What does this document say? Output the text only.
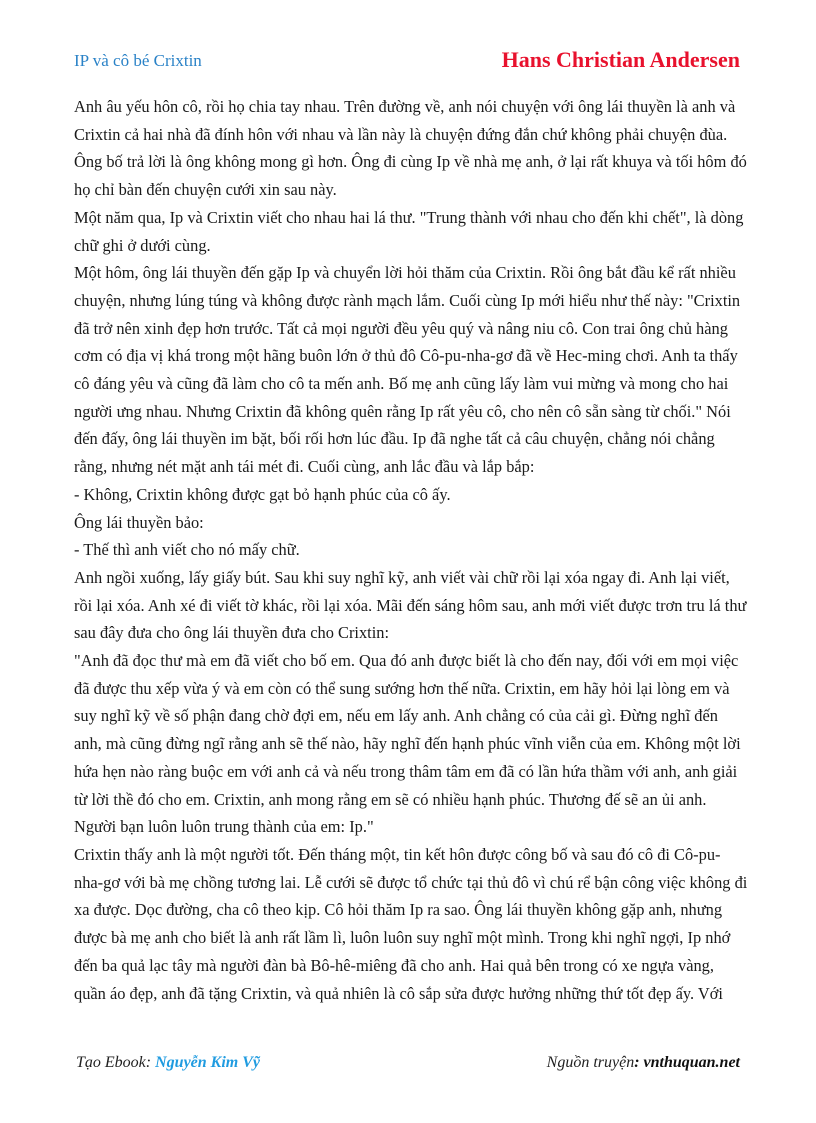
IP và cô bé Crixtin	Hans Christian Andersen

Anh âu yếu hôn cô, rồi họ chia tay nhau. Trên đường về, anh nói chuyện với ông lái thuyền là anh và Crixtin cả hai nhà đã đính hôn với nhau và lần này là chuyện đứng đắn chứ không phải chuyện đùa. Ông bố trả lời là ông không mong gì hơn. Ông đi cùng Ip về nhà mẹ anh, ở lại rất khuya và tối hôm đó họ chỉ bàn đến chuyện cưới xin sau này.

Một năm qua, Ip và Crixtin viết cho nhau hai lá thư. "Trung thành với nhau cho đến khi chết", là dòng chữ ghi ở dưới cùng.

Một hôm, ông lái thuyền đến gặp Ip và chuyển lời hỏi thăm của Crixtin. Rồi ông bắt đầu kể rất nhiều chuyện, nhưng lúng túng và không được rành mạch lắm. Cuối cùng Ip mới hiểu như thế này: "Crixtin đã trở nên xinh đẹp hơn trước. Tất cả mọi người đều yêu quý và nâng niu cô. Con trai ông chủ hàng cơm có địa vị khá trong một hãng buôn lớn ở thủ đô Cô-pu-nha-gơ đã về Hec-ming chơi. Anh ta thấy cô đáng yêu và cũng đã làm cho cô ta mến anh. Bố mẹ anh cũng lấy làm vui mừng và mong cho hai người ưng nhau. Nhưng Crixtin đã không quên rằng Ip rất yêu cô, cho nên cô sẵn sàng từ chối." Nói đến đấy, ông lái thuyền im bặt, bối rối hơn lúc đầu. Ip đã nghe tất cả câu chuyện, chẳng nói chẳng rằng, nhưng nét mặt anh tái mét đi. Cuối cùng, anh lắc đầu và lắp bắp:

- Không, Crixtin không được gạt bỏ hạnh phúc của cô ấy.

Ông lái thuyền bảo:

- Thế thì anh viết cho nó mấy chữ.

Anh ngồi xuống, lấy giấy bút. Sau khi suy nghĩ kỹ, anh viết vài chữ rồi lại xóa ngay đi. Anh lại viết, rồi lại xóa. Anh xé đi viết tờ khác, rồi lại xóa. Mãi đến sáng hôm sau, anh mới viết được trơn tru lá thư sau đây đưa cho ông lái thuyền đưa cho Crixtin:

"Anh đã đọc thư mà em đã viết cho bố em. Qua đó anh được biết là cho đến nay, đối với em mọi việc đã được thu xếp vừa ý và em còn có thể sung sướng hơn thế nữa. Crixtin, em hãy hỏi lại lòng em và suy nghĩ kỹ về số phận đang chờ đợi em, nếu em lấy anh. Anh chẳng có của cải gì. Đừng nghĩ đến anh, mà cũng đừng ngĩ rằng anh sẽ thế nào, hãy nghĩ đến hạnh phúc vĩnh viễn của em. Không một lời hứa hẹn nào ràng buộc em với anh cả và nếu trong thâm tâm em đã có lần hứa thầm với anh, anh giải từ lời thề đó cho em. Crixtin, anh mong rằng em sẽ có nhiều hạnh phúc. Thương đế sẽ an ủi anh.

Người bạn luôn luôn trung thành của em: Ip."

Crixtin thấy anh là một người tốt. Đến tháng một, tin kết hôn được công bố và sau đó cô đi Cô-pu-nha-gơ với bà mẹ chồng tương lai. Lễ cưới sẽ được tổ chức tại thủ đô vì chú rể bận công việc không đi xa được. Dọc đường, cha cô theo kịp. Cô hỏi thăm Ip ra sao. Ông lái thuyền không gặp anh, nhưng được bà mẹ anh cho biết là anh rất lầm lì, luôn luôn suy nghĩ một mình. Trong khi nghĩ ngợi, Ip nhớ đến ba quả lạc tây mà người đàn bà Bô-hê-miêng đã cho anh. Hai quả bên trong có xe ngựa vàng, quần áo đẹp, anh đã tặng Crixtin, và quả nhiên là cô sắp sửa được hưởng những thứ tốt đẹp ấy. Với

Tạo Ebook: Nguyễn Kim Vỹ	Nguồn truyện: vnthuquan.net
